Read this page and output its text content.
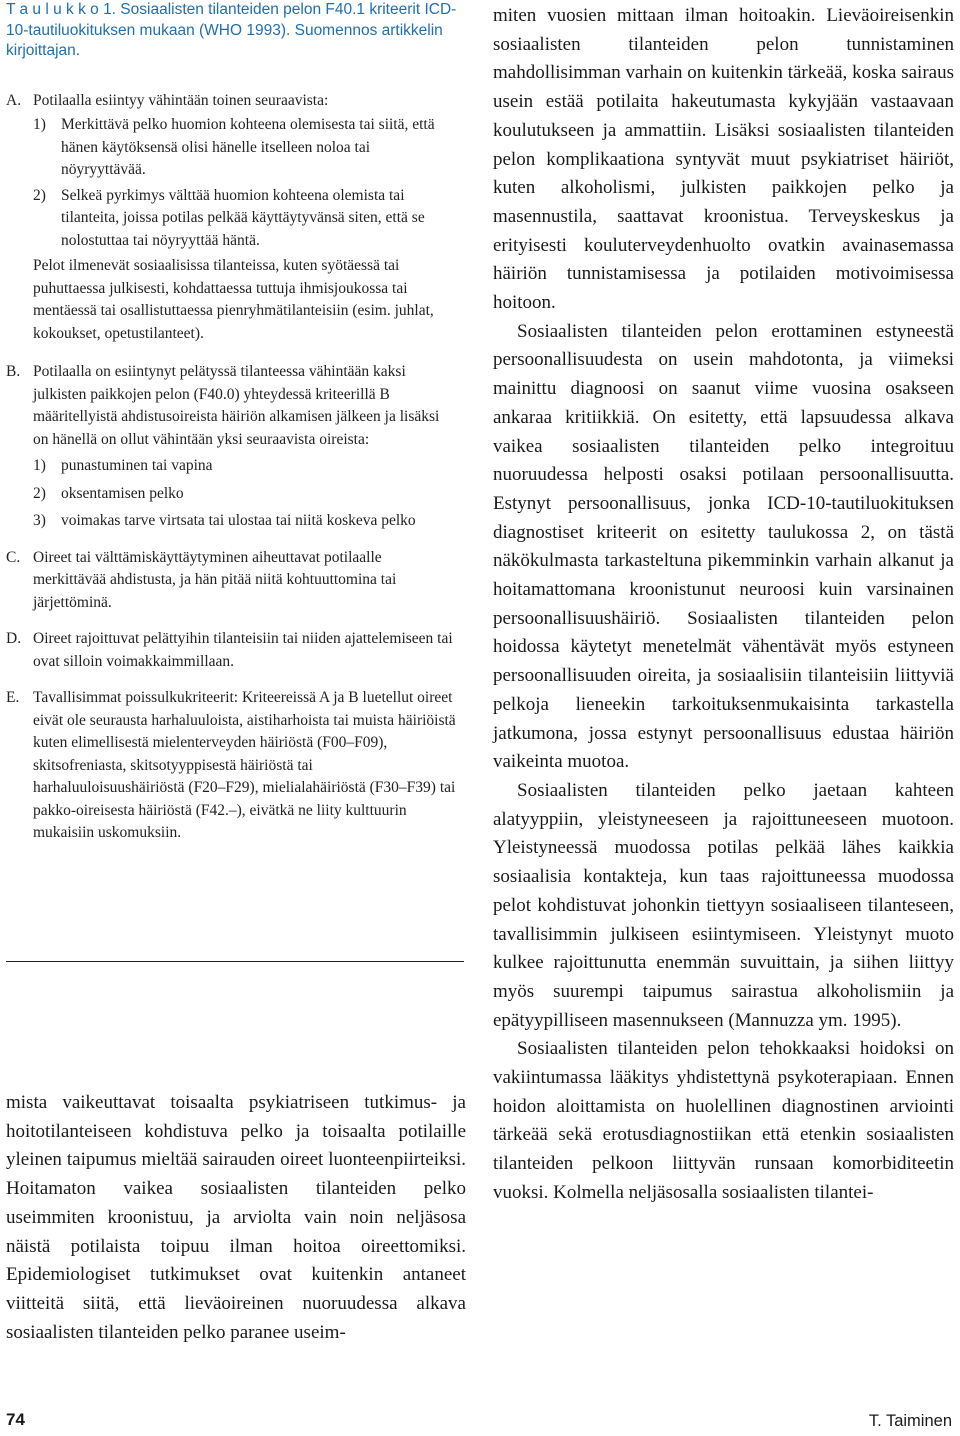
T a u l u k k o 1. Sosiaalisten tilanteiden pelon F40.1 kriteerit ICD-10-tautiluokituksen mukaan (WHO 1993). Suomennos artikkelin kirjoittajan.

A. Potilaalla esiintyy vähintään toinen seuraavista:
1) Merkittävä pelko huomion kohteena olemisesta tai siitä, että hänen käytöksensä olisi hänelle itselleen noloa tai nöyryyttävää.
2) Selkeä pyrkimys välttää huomion kohteena olemista tai tilanteita, joissa potilas pelkää käyttäytyvänsä siten, että se nolostuttaa tai nöyryyttää häntä.
Pelot ilmenevät sosiaalisissa tilanteissa, kuten syötäessä tai puhuttaessa julkisesti, kohdattaessa tuttuja ihmisjoukossa tai mentäessä tai osallistuttaessa pienryhmätilanteisiin (esim. juhlat, kokoukset, opetustilanteet).
B. Potilaalla on esiintynyt pelätyssä tilanteessa vähintään kaksi julkisten paikkojen pelon (F40.0) yhteydessä kriteerillä B määritellyistä ahdistusoireista häiriön alkamisen jälkeen ja lisäksi on hänellä on ollut vähintään yksi seuraavista oireista:
1) punastuminen tai vapina
2) oksentamisen pelko
3) voimakas tarve virtsata tai ulostaa tai niitä koskeva pelko
C. Oireet tai välttämiskäyttäytyminen aiheuttavat potilaalle merkittävää ahdistusta, ja hän pitää niitä kohtuuttomina tai järjettöminä.
D. Oireet rajoittuvat pelättyihin tilanteisiin tai niiden ajattelemiseen tai ovat silloin voimakkaimmillaan.
E. Tavallisimmat poissulkukriteerit: Kriteereissä A ja B luetellut oireet eivät ole seurausta harhaluuloista, aistiharhoista tai muista häiriöistä kuten elimellisestä mielenterveyden häiriöstä (F00–F09), skitsofreniasta, skitsotyyppisestä häiriöstä tai harhaluuloisuushäiriöstä (F20–F29), mielialahäiriöstä (F30–F39) tai pakko-oireisesta häiriöstä (F42.–), eivätkä ne liity kulttuurin mukaisiin uskomuksiin.

mista vaikeuttavat toisaalta psykiatriseen tutkimus- ja hoitotilanteiseen kohdistuva pelko ja toisaalta potilaille yleinen taipumus mieltää sairauden oireet luonteenpiirteiksi. Hoitamaton vaikea sosiaalisten tilanteiden pelko useimmiten kroonistuu, ja arviolta vain noin neljäsosa näistä potilaista toipuu ilman hoitoa oireettomiksi. Epidemiologiset tutkimukset ovat kuitenkin antaneet viitteitä siitä, että lieväoireinen nuoruudessa alkava sosiaalisten tilanteiden pelko paranee useim-

miten vuosien mittaan ilman hoitoakin. Lieväoireisenkin sosiaalisten tilanteiden pelon tunnistaminen mahdollisimman varhain on kuitenkin tärkeää, koska sairaus usein estää potilaita hakeutumasta kykyjään vastaavaan koulutukseen ja ammattiin. Lisäksi sosiaalisten tilanteiden pelon komplikaationa syntyvät muut psykiatriset häiriöt, kuten alkoholismi, julkisten paikkojen pelko ja masennustila, saattavat kroonistua. Terveyskeskus ja erityisesti kouluterveydenhuolto ovatkin avainasemassa häiriön tunnistamisessa ja potilaiden motivoimisessa hoitoon.

Sosiaalisten tilanteiden pelon erottaminen estyneestä persoonallisuudesta on usein mahdotonta, ja viimeksi mainittu diagnoosi on saanut viime vuosina osakseen ankaraa kritiikkiä. On esitetty, että lapsuudessa alkava vaikea sosiaalisten tilanteiden pelko integroituu nuoruudessa helposti osaksi potilaan persoonallisuutta. Estynyt persoonallisuus, jonka ICD-10-tautiluokituksen diagnostiset kriteerit on esitetty taulukossa 2, on tästä näkökulmasta tarkasteltuna pikemminkin varhain alkanut ja hoitamattomana kroonistunut neuroosi kuin varsinainen persoonallisuushäiriö. Sosiaalisten tilanteiden pelon hoidossa käytetyt menetelmät vähentävät myös estyneen persoonallisuuden oireita, ja sosiaalisiin tilanteisiin liittyviä pelkoja lieneekin tarkoituksenmukaisinta tarkastella jatkumona, jossa estynyt persoonallisuus edustaa häiriön vaikeinta muotoa.

Sosiaalisten tilanteiden pelko jaetaan kahteen alatyyppiin, yleistyneeseen ja rajoittuneeseen muotoon. Yleistyneessä muodossa potilas pelkää lähes kaikkia sosiaalisia kontakteja, kun taas rajoittuneessa muodossa pelot kohdistuvat johonkin tiettyyn sosiaaliseen tilanteseen, tavallisimmin julkiseen esiintymiseen. Yleistynyt muoto kulkee rajoittunutta enemmän suvuittain, ja siihen liittyy myös suurempi taipumus sairastua alkoholismiin ja epätyypilliseen masennukseen (Mannuzza ym. 1995).

Sosiaalisten tilanteiden pelon tehokkaaksi hoidoksi on vakiintumassa lääkitys yhdistettynä psykoterapiaan. Ennen hoidon aloittamista on huolellinen diagnostinen arviointi tärkeää sekä erotusdiagnostiikan että etenkin sosiaalisten tilanteiden pelkoon liittyvän runsaan komorbiditeetin vuoksi. Kolmella neljäsosalla sosiaalisten tilantei-

74	T. Taiminen
